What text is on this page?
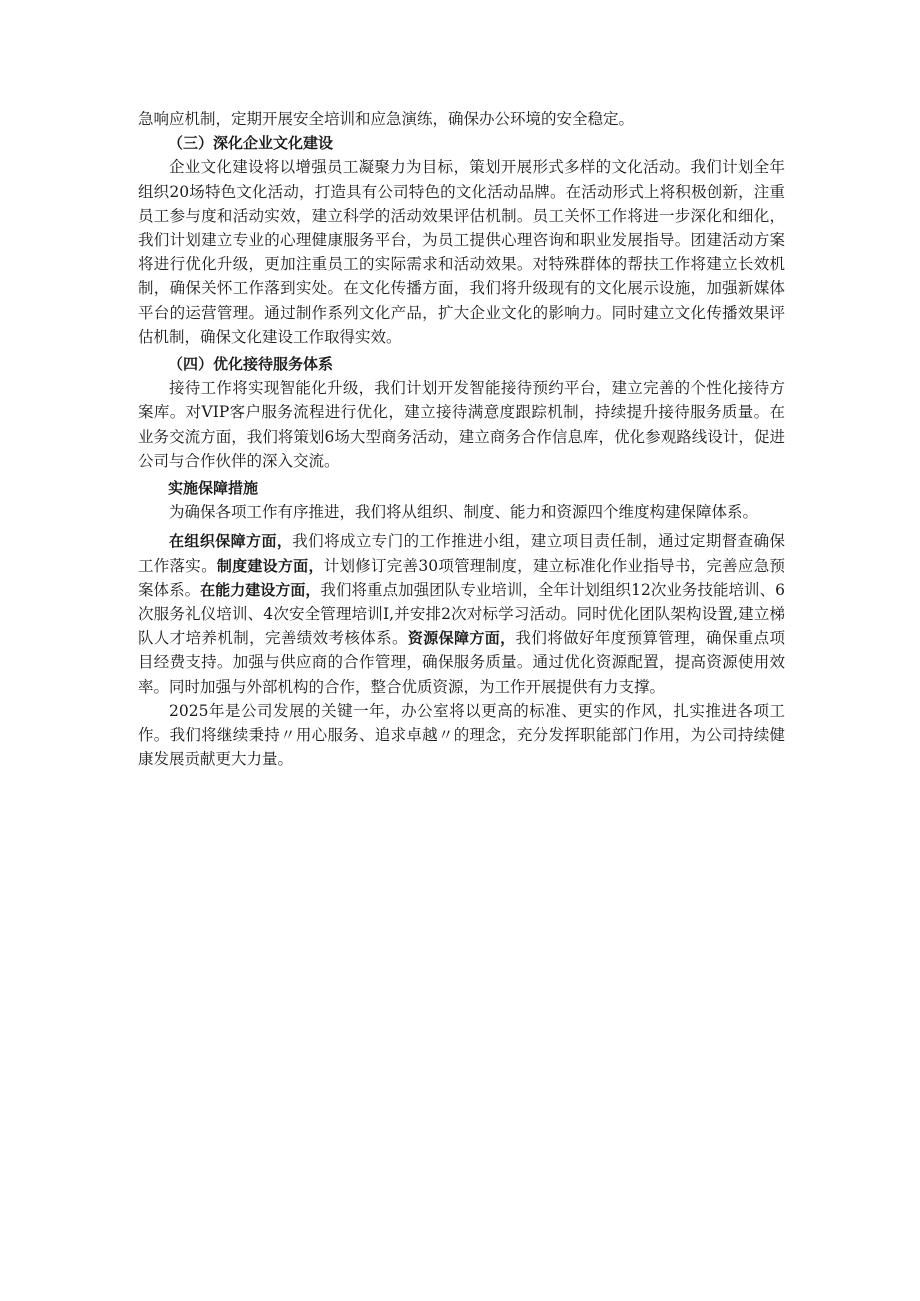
急响应机制，定期开展安全培训和应急演练，确保办公环境的安全稳定。

（三）深化企业文化建设

企业文化建设将以增强员工凝聚力为目标，策划开展形式多样的文化活动。我们计划全年组织20场特色文化活动，打造具有公司特色的文化活动品牌。在活动形式上将积极创新，注重员工参与度和活动实效，建立科学的活动效果评估机制。员工关怀工作将进一步深化和细化，我们计划建立专业的心理健康服务平台，为员工提供心理咨询和职业发展指导。团建活动方案将进行优化升级，更加注重员工的实际需求和活动效果。对特殊群体的帮扶工作将建立长效机制，确保关怀工作落到实处。在文化传播方面，我们将升级现有的文化展示设施，加强新媒体平台的运营管理。通过制作系列文化产品，扩大企业文化的影响力。同时建立文化传播效果评估机制，确保文化建设工作取得实效。

（四）优化接待服务体系

接待工作将实现智能化升级，我们计划开发智能接待预约平台，建立完善的个性化接待方案库。对VIP客户服务流程进行优化，建立接待满意度跟踪机制，持续提升接待服务质量。在业务交流方面，我们将策划6场大型商务活动，建立商务合作信息库，优化参观路线设计，促进公司与合作伙伴的深入交流。

实施保障措施

为确保各项工作有序推进，我们将从组织、制度、能力和资源四个维度构建保障体系。

在组织保障方面，我们将成立专门的工作推进小组，建立项目责任制，通过定期督查确保工作落实。制度建设方面，计划修订完善30项管理制度，建立标准化作业指导书，完善应急预案体系。在能力建设方面，我们将重点加强团队专业培训，全年计划组织12次业务技能培训、6次服务礼仪培训、4次安全管理培训I,并安排2次对标学习活动。同时优化团队架构设置,建立梯队人才培养机制，完善绩效考核体系。资源保障方面，我们将做好年度预算管理，确保重点项目经费支持。加强与供应商的合作管理，确保服务质量。通过优化资源配置，提高资源使用效率。同时加强与外部机构的合作，整合优质资源，为工作开展提供有力支撑。

2025年是公司发展的关键一年，办公室将以更高的标准、更实的作风，扎实推进各项工作。我们将继续秉持〃用心服务、追求卓越〃的理念，充分发挥职能部门作用，为公司持续健康发展贡献更大力量。
